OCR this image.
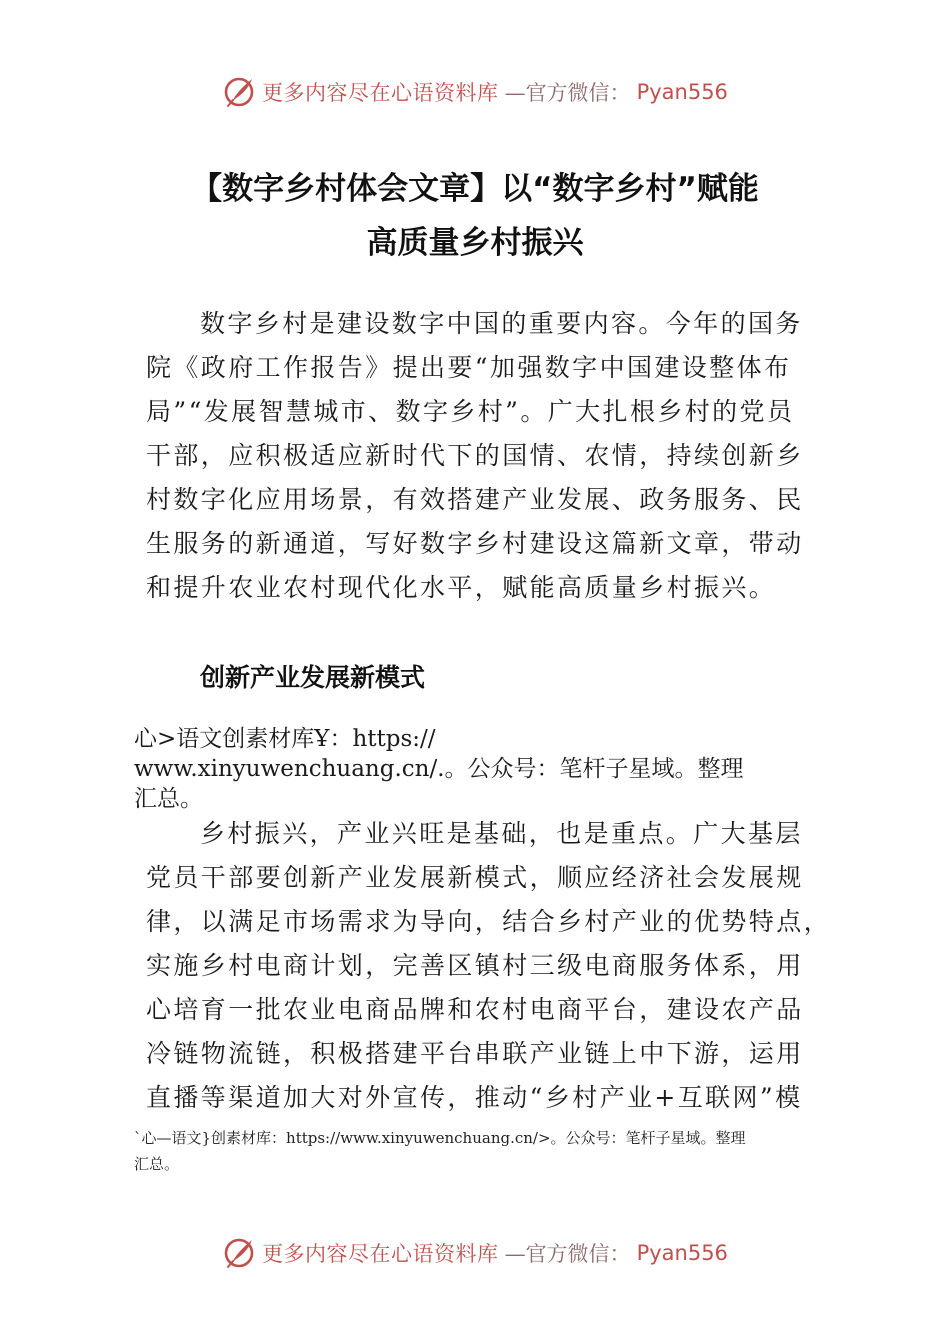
更多内容尽在心语资料库 —官方微信： Pyan556
【数字乡村体会文章】以“数字乡村”赋能
高质量乡村振兴

数字乡村是建设数字中国的重要内容。今年的国务
院《政府工作报告》提出要“加强数字中国建设整体布
局”“发展智慧城市、数字乡村”。广大扎根乡村的党员
干部，应积极适应新时代下的国情、农情，持续创新乡
村数字化应用场景，有效搭建产业发展、政务服务、民
生服务的新通道，写好数字乡村建设这篇新文章，带动
和提升农业农村现代化水平，赋能高质量乡村振兴。

创新产业发展新模式

心>语文创素材库Ұ：https://
www.xinyuwenchuang.cn/.。公众号：笔杆子星域。整理
汇总。

乡村振兴，产业兴旺是基础，也是重点。广大基层
党员干部要创新产业发展新模式，顺应经济社会发展规
律，以满足市场需求为导向，结合乡村产业的优势特点，
实施乡村电商计划，完善区镇村三级电商服务体系，用
心培育一批农业电商品牌和农村电商平台，建设农产品
冷链物流链，积极搭建平台串联产业链上中下游，运用
直播等渠道加大对外宣传，推动“乡村产业+互联网”模

`心—语文}创素材库：https://www.xinyuwenchuang.cn/>。公众号：笔杆子星域。整理
汇总。

更多内容尽在心语资料库 —官方微信： Pyan556
